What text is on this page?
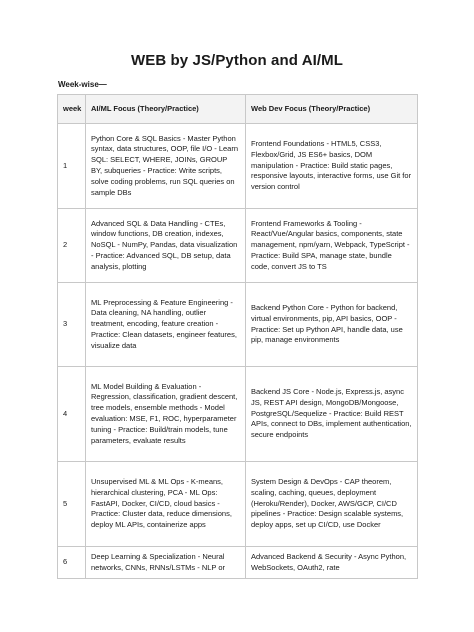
WEB by JS/Python and AI/ML
Week-wise—
week	AI/ML Focus (Theory/Practice)	Web Dev Focus (Theory/Practice)
1	Python Core & SQL Basics - Master Python syntax, data structures, OOP, file I/O - Learn SQL: SELECT, WHERE, JOINs, GROUP BY, subqueries - Practice: Write scripts, solve coding problems, run SQL queries on sample DBs	Frontend Foundations - HTML5, CSS3, Flexbox/Grid, JS ES6+ basics, DOM manipulation - Practice: Build static pages, responsive layouts, interactive forms, use Git for version control
2	Advanced SQL & Data Handling - CTEs, window functions, DB creation, indexes, NoSQL - NumPy, Pandas, data visualization - Practice: Advanced SQL, DB setup, data analysis, plotting	Frontend Frameworks & Tooling - React/Vue/Angular basics, components, state management, npm/yarn, Webpack, TypeScript - Practice: Build SPA, manage state, bundle code, convert JS to TS
3	ML Preprocessing & Feature Engineering - Data cleaning, NA handling, outlier treatment, encoding, feature creation - Practice: Clean datasets, engineer features, visualize data	Backend Python Core - Python for backend, virtual environments, pip, API basics, OOP - Practice: Set up Python API, handle data, use pip, manage environments
4	ML Model Building & Evaluation - Regression, classification, gradient descent, tree models, ensemble methods - Model evaluation: MSE, F1, ROC, hyperparameter tuning - Practice: Build/train models, tune parameters, evaluate results	Backend JS Core - Node.js, Express.js, async JS, REST API design, MongoDB/Mongoose, PostgreSQL/Sequelize - Practice: Build REST APIs, connect to DBs, implement authentication, secure endpoints
5	Unsupervised ML & ML Ops - K-means, hierarchical clustering, PCA - ML Ops: FastAPI, Docker, CI/CD, cloud basics - Practice: Cluster data, reduce dimensions, deploy ML APIs, containerize apps	System Design & DevOps - CAP theorem, scaling, caching, queues, deployment (Heroku/Render), Docker, AWS/GCP, CI/CD pipelines - Practice: Design scalable systems, deploy apps, set up CI/CD, use Docker
6	Deep Learning & Specialization - Neural networks, CNNs, RNNs/LSTMs - NLP or	Advanced Backend & Security - Async Python, WebSockets, OAuth2, rate
